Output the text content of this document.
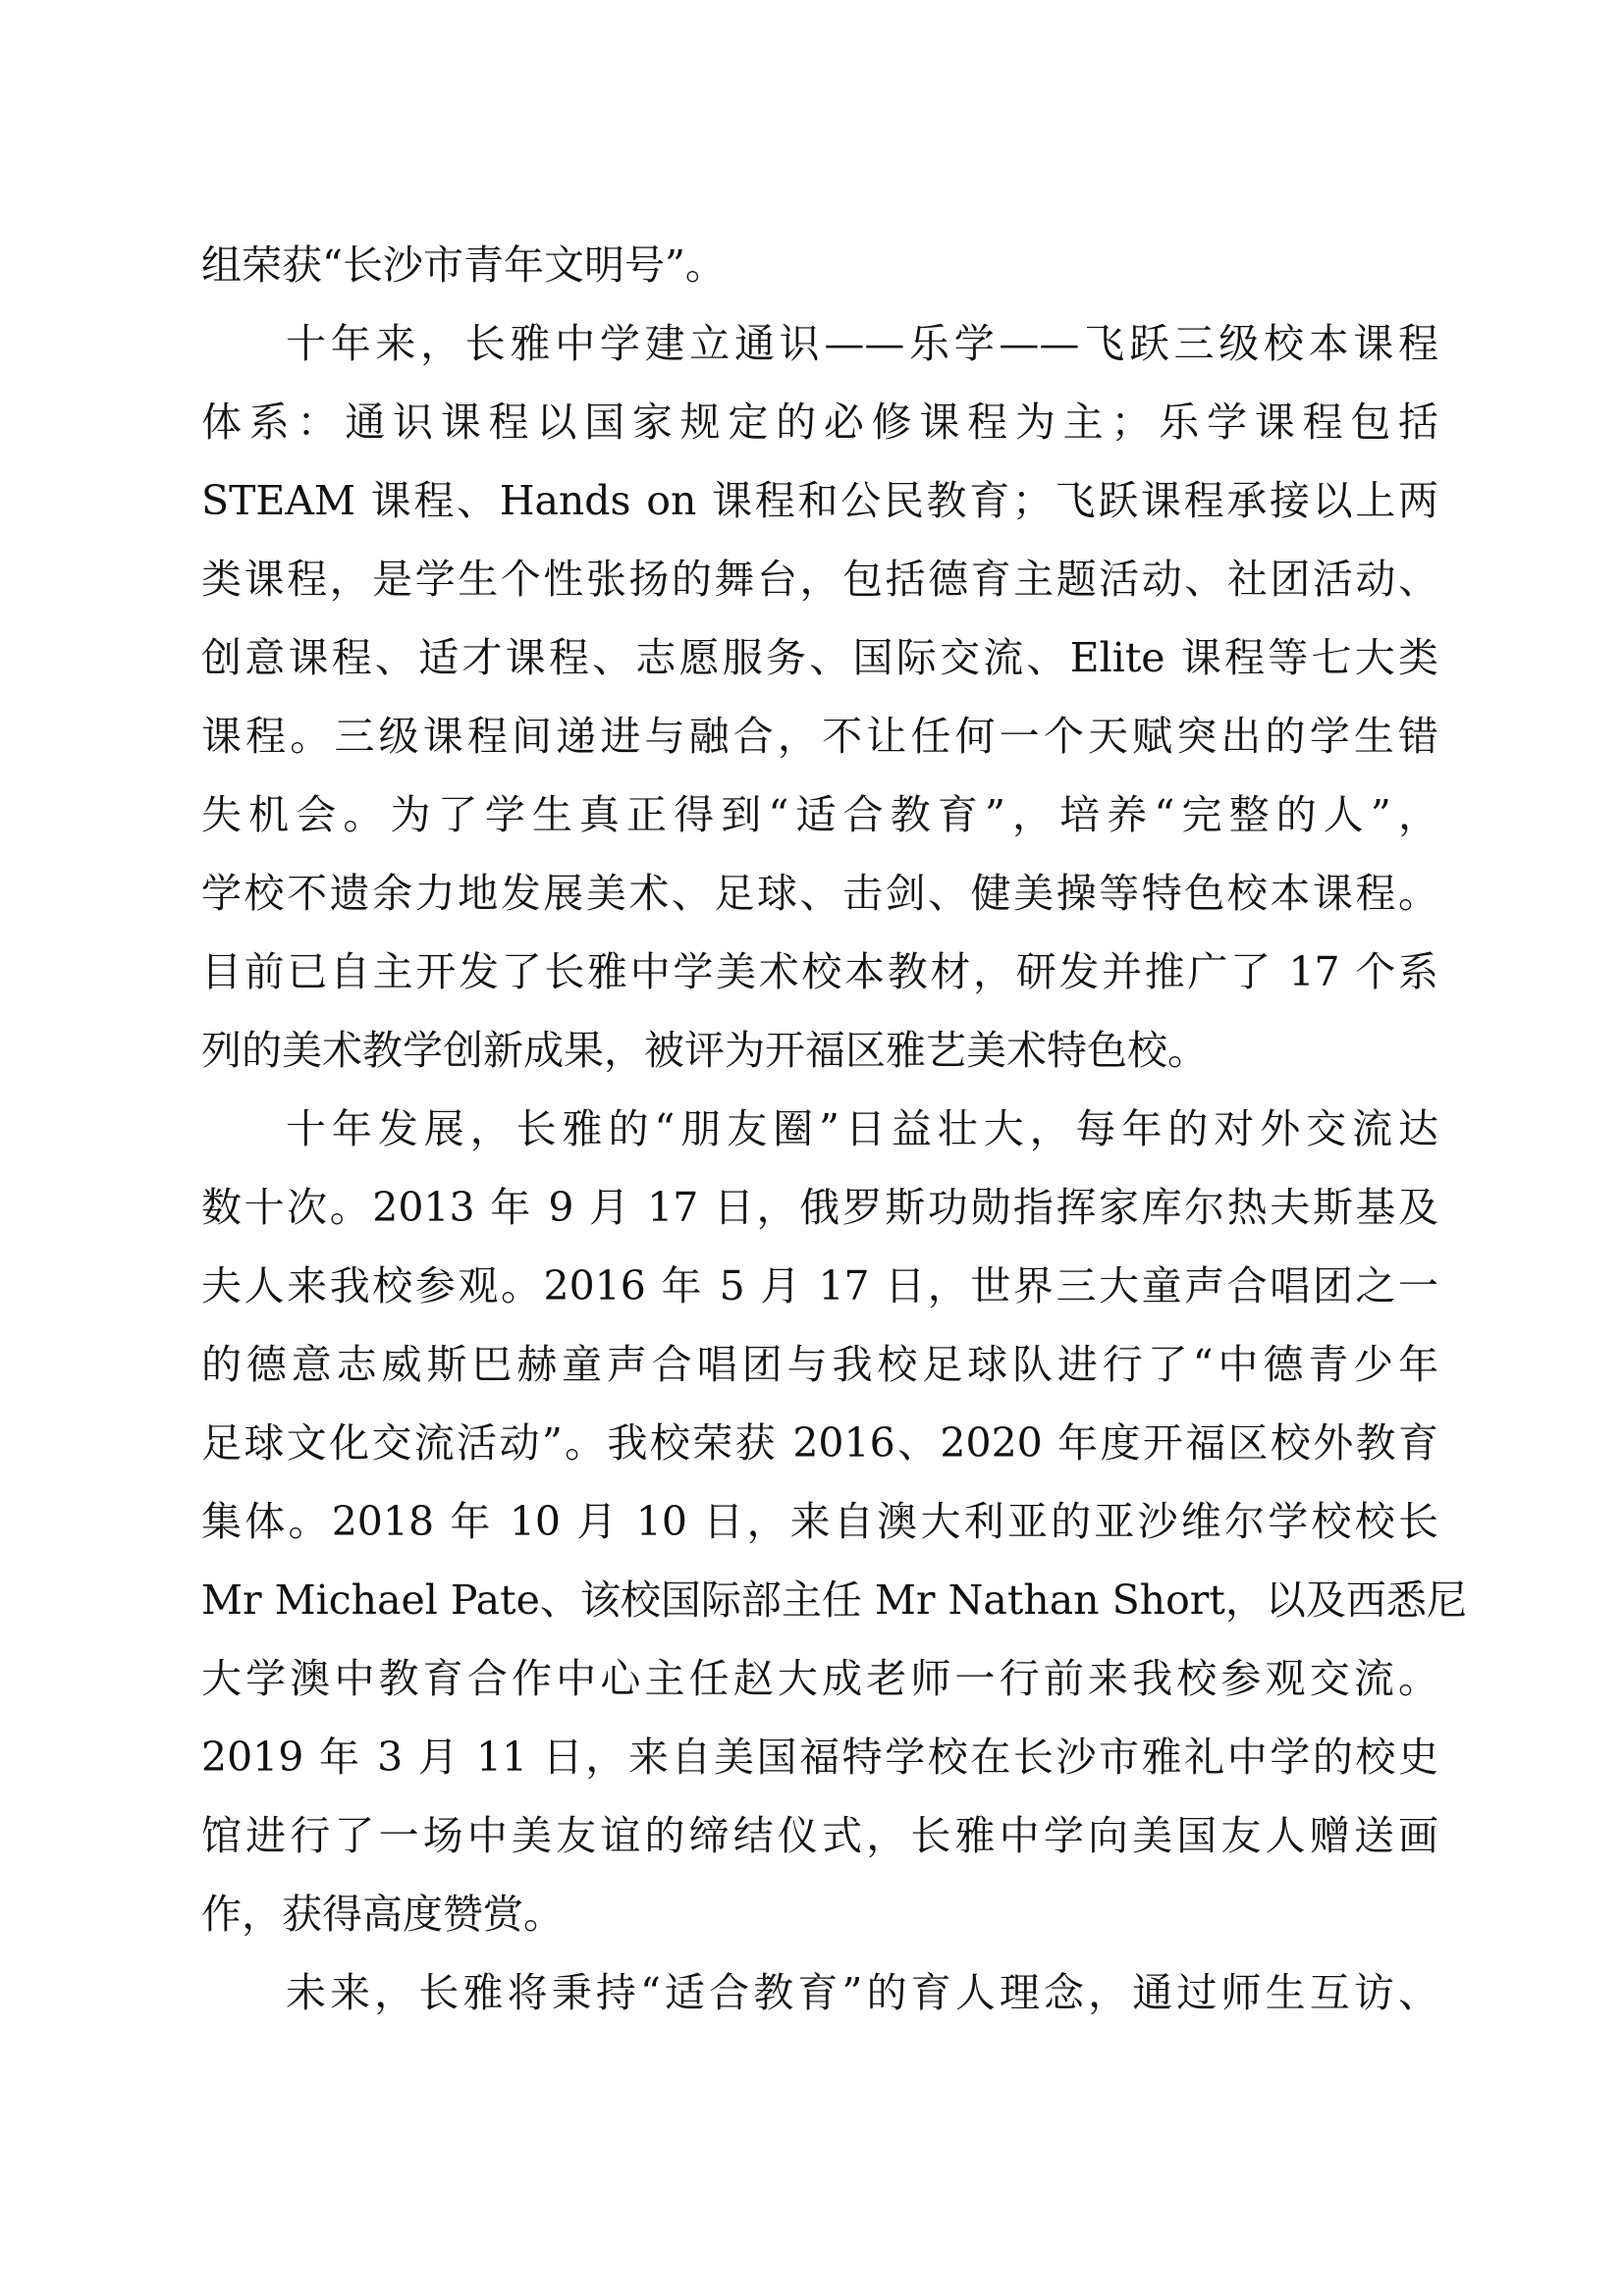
组荣获“长沙市青年文明号”。
十年来，长雅中学建立通识——乐学——飞跃三级校本课程
体系：通识课程以国家规定的必修课程为主；乐学课程包括
STEAM 课程、Hands on 课程和公民教育；飞跃课程承接以上两
类课程，是学生个性张扬的舞台，包括德育主题活动、社团活动、
创意课程、适才课程、志愿服务、国际交流、Elite 课程等七大类
课程。三级课程间递进与融合，不让任何一个天赋突出的学生错
失机会。为了学生真正得到“适合教育”，培养“完整的人”，
学校不遗余力地发展美术、足球、击剑、健美操等特色校本课程。
目前已自主开发了长雅中学美术校本教材，研发并推广了 17 个系
列的美术教学创新成果，被评为开福区雅艺美术特色校。
十年发展，长雅的“朋友圈”日益壮大，每年的对外交流达
数十次。2013 年 9 月 17 日，俄罗斯功勋指挥家库尔热夫斯基及
夫人来我校参观。2016 年 5 月 17 日，世界三大童声合唱团之一
的德意志威斯巴赫童声合唱团与我校足球队进行了“中德青少年
足球文化交流活动”。我校荣获 2016、2020 年度开福区校外教育
集体。2018 年 10 月 10 日，来自澳大利亚的亚沙维尔学校校长
Mr Michael Pate、该校国际部主任 Mr Nathan Short，以及西悉尼
大学澳中教育合作中心主任赵大成老师一行前来我校参观交流。
2019 年 3 月 11 日，来自美国福特学校在长沙市雅礼中学的校史
馆进行了一场中美友谊的缔结仪式，长雅中学向美国友人赠送画
作，获得高度赞赏。
未来，长雅将秉持“适合教育”的育人理念，通过师生互访、
